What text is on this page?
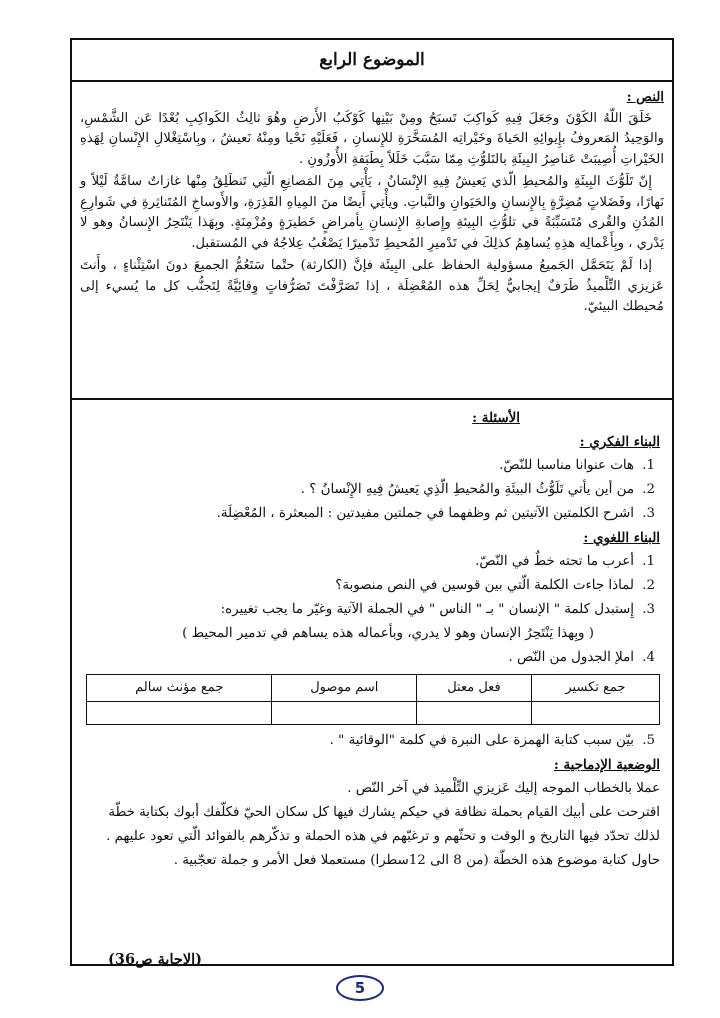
الموضوع الرابع
النص :

خَلَقَ اللّهُ الكَوْنَ وجَعَلَ فِيهِ كَواكِبَ تَسبَحُ ومِنْ بَيْنِها كَوْكَبُ الأَرضِ وهُوَ ثالِثُ الكَواكِبِ بُعْدًا عَن الشَّمْسِ، والوَحِيدُ المَعروفُ بإِيوائِهِ الحَياةَ وخَيْراتِه المُسَخَّرَةِ للإِنسانِ ، فَعَلَيْهِ نَحْيا ومِنْهُ نَعيشُ ، وبِاسْتِغْلالِ الإِنْسانِ لِهَذهِ الخَيْراتِ أُصِيبَتْ عَناصِرُ البِيئَةِ بالتَلوُّثِ مِمّا سَبَّبَ خَلَلاً بِطَبَقةِ الأُوزُونِ .

إِنّ تَلَوُّثَ البِيئَةِ والمُحيطِ الّذي يَعيشُ فِيهِ الإِنْسَانُ ، يَأْتِي مِنَ المَصانِعِ الّتِي تَنطَلِقُ مِنْها غازاتٌ سامَّةٌ لَيْلاً و نَهارًا، وفَضَلاتٍ مُضِرَّةٍ بِالإِنسانِ والحَيَوانِ والنَّباتِ. ويأْتِي أَيضًا منَ المِياهِ القَذِرَةِ، والأَوساخِ المُتَناثِرةِ في شَوارِعِ المُدُنِ والقُرى مُتَسَبِّبَةً في تلوُّثِ البِيئةِ وإِصابةِ الإِنسانِ بِأمراضٍ خَطيرَةٍ ومُزْمِنَةٍ. وبِهَذا يَنْتَحِرُ الإِنسانُ وهو لا يَدْري ، وبِأَعْمالِه هذِهِ يُساهِمُ كذلِكَ في تَدْميرِ المُحيطِ تَدْميرًا يَصْعُبُ عِلاجُهُ في المُستقبل.

إذا لَمْ يَتَحَمَّل الجَميعُ مسؤولية الحفاظ على البِيئَة فإنَّ (الكارثة) حتْما سَتَعُمُّ الجميعَ دونَ اسْتِثْناءٍ ، وأَنتَ عَزيزي التِّلْميذُ طَرَفٌ إيجابيٌّ لِحَلِّ هذه المُعْضِلَة ، إذا تَصَرَّفْتَ تَصَرُّفاتٍ وِقائِيَّةً لِتَجنُّب كل ما يُسيء إلى مُحيطك البيئيّ.

الأسئلة :
البناء الفكري :
1. هات عنوانا مناسبا للنّصّ.
2. من أين يأتي تَلَوُّثُ البيئَةِ والمُحيطِ الّذِي يَعيشُ فِيهِ الإِنْسانُ ؟ .
3. اشرح الكلمتين الآتيتين ثم وظفهما في جملتين مفيدتين : المبعثرة ، المُعْضِلَة.
البناء اللغوي :
1. أعرب ما تحته خطٌ في النّصّ.
2. لماذا جاءت الكلمة الّتي بين قوسين في النص منصوبة؟
3. إِستبدل كلمة " الإنسان " بـ " الناس " في الجملة الآتية وغيّر ما يجب تغييره:
( وبِهذا يَنْتَحِرُ الإنسان وهو لا يدري، وبأعماله هذه يساهم في تدمير المحيط )
4. املإ الجدول من النّص .
جمع تكسير	فعل معتل	اسم موصول	جمع مؤنث سالم

5. بيّن سبب كتابة الهمزة على النبرة في كلمة "الوقائية " .
الوضعية الإدماجية :

عملا بالخطاب الموجه إليك عَزيزي التِّلْميذ في آخر النّص .

اقترحت على أبيك القيام بحملة نظافة في حيكم يشارك فيها كل سكان الحيّ فكلّفك أبوك بكتابة خطّة لذلك تحدّد فيها التاريخ و الوقت و تحثّهم و ترغبّهم في هذه الحملة و تذكّرهم بالفوائد الّتي تعود عليهم .

حاول كتابة موضوع هذه الخطّة (من 8 الى 12سطرا) مستعملا فعل الأمر و جملة تعجّبية .

(الاجابة ص36)
5
